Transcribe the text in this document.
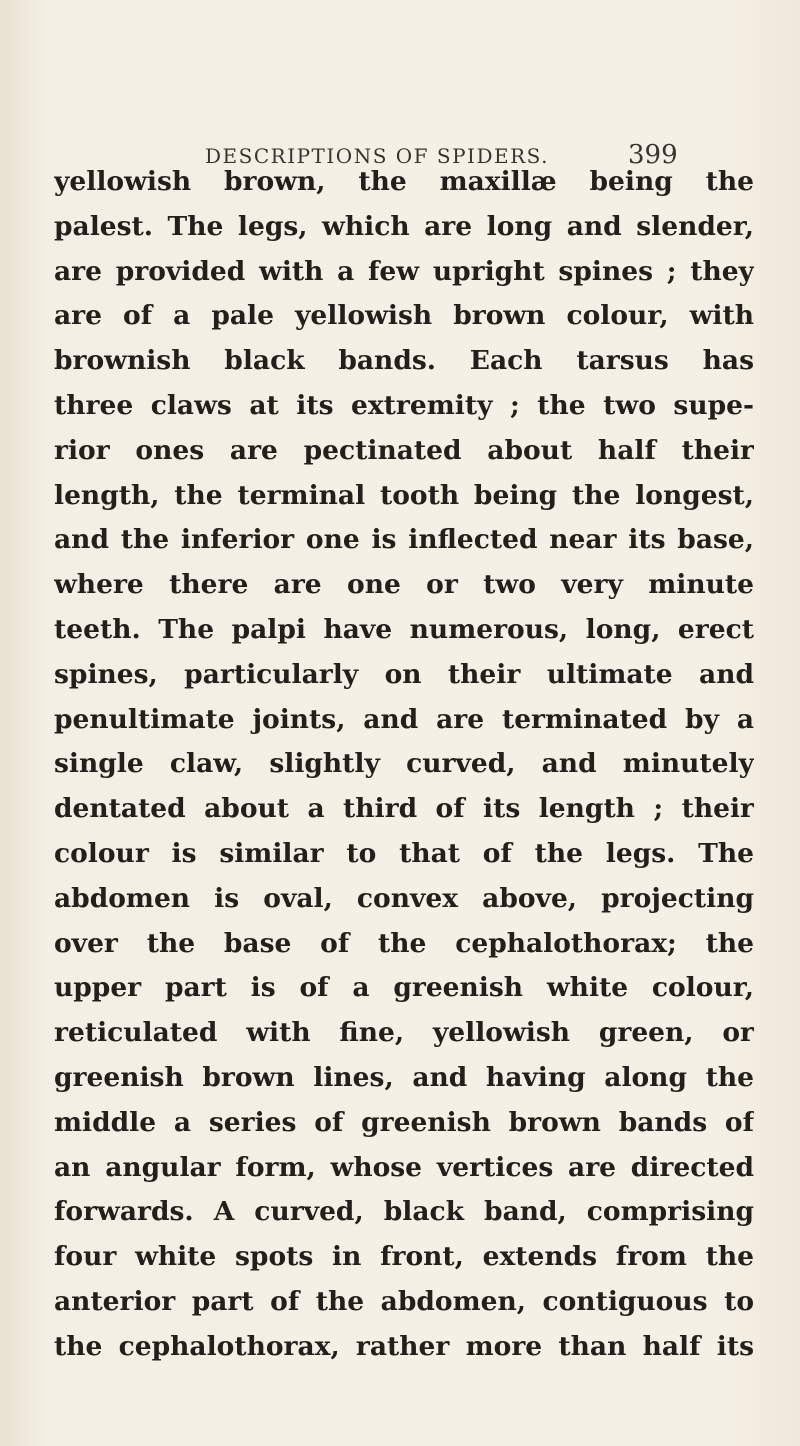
DESCRIPTIONS OF SPIDERS.	399
yellowish brown, the maxillæ being the
palest. The legs, which are long and slender,
are provided with a few upright spines ; they
are of a pale yellowish brown colour, with
brownish black bands. Each tarsus has
three claws at its extremity ; the two supe-
rior ones are pectinated about half their
length, the terminal tooth being the longest,
and the inferior one is inflected near its base,
where there are one or two very minute
teeth. The palpi have numerous, long, erect
spines, particularly on their ultimate and
penultimate joints, and are terminated by a
single claw, slightly curved, and minutely
dentated about a third of its length ; their
colour is similar to that of the legs. The
abdomen is oval, convex above, projecting
over the base of the cephalothorax; the
upper part is of a greenish white colour,
reticulated with fine, yellowish green, or
greenish brown lines, and having along the
middle a series of greenish brown bands of
an angular form, whose vertices are directed
forwards. A curved, black band, comprising
four white spots in front, extends from the
anterior part of the abdomen, contiguous to
the cephalothorax, rather more than half its
